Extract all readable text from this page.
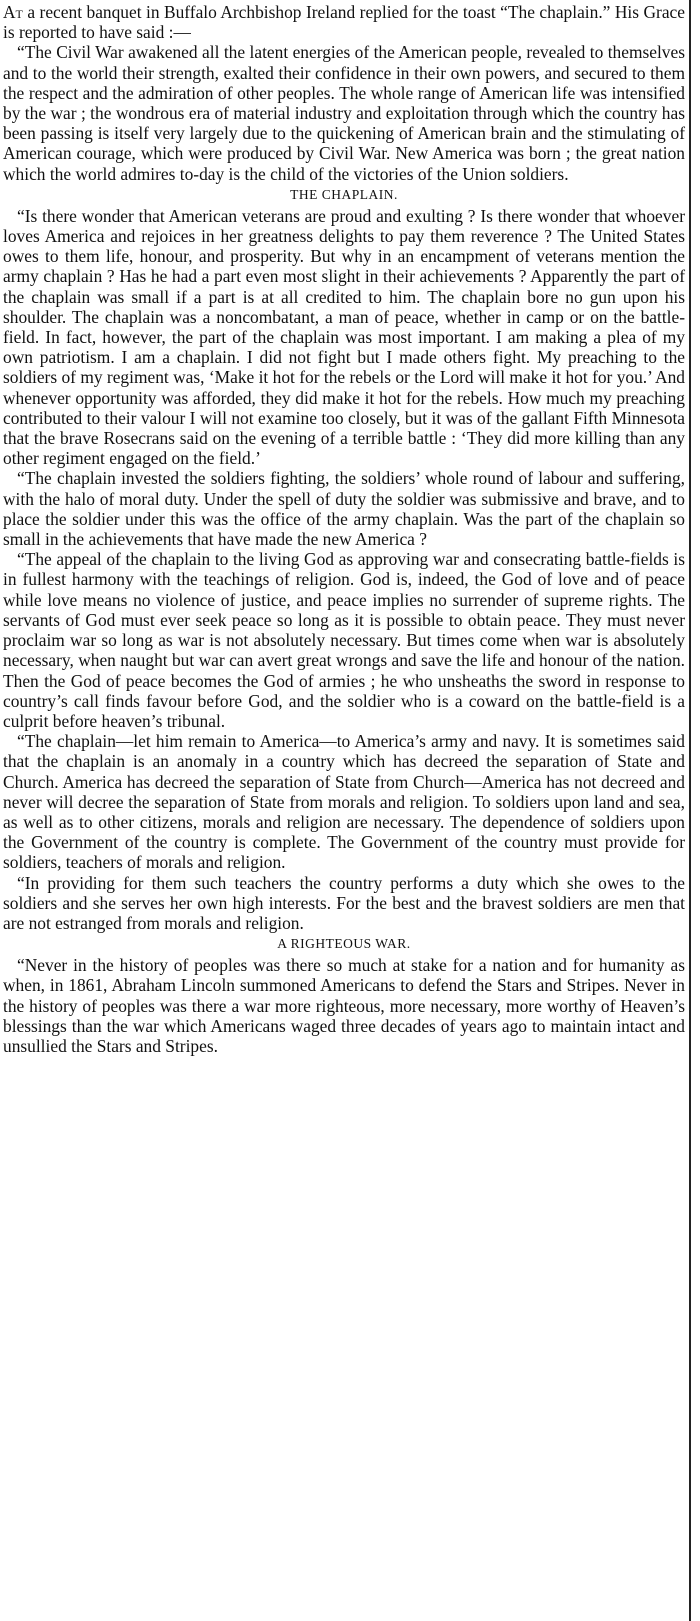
At a recent banquet in Buffalo Archbishop Ireland replied for the toast “The chaplain.” His Grace is reported to have said :—

“The Civil War awakened all the latent energies of the American people, revealed to themselves and to the world their strength, exalted their confidence in their own powers, and secured to them the respect and the admiration of other peoples. The whole range of American life was intensified by the war ; the wondrous era of material industry and exploitation through which the country has been passing is itself very largely due to the quickening of American brain and the stimulating of American courage, which were produced by Civil War. New America was born ; the great nation which the world admires to-day is the child of the victories of the Union soldiers.

THE CHAPLAIN.

“Is there wonder that American veterans are proud and exulting ? Is there wonder that whoever loves America and rejoices in her greatness delights to pay them reverence ? The United States owes to them life, honour, and prosperity. But why in an encampment of veterans mention the army chaplain ? Has he had a part even most slight in their achievements ? Apparently the part of the chaplain was small if a part is at all credited to him. The chaplain bore no gun upon his shoulder. The chaplain was a noncombatant, a man of peace, whether in camp or on the battle-field. In fact, however, the part of the chaplain was most important. I am making a plea of my own patriotism. I am a chaplain. I did not fight but I made others fight. My preaching to the soldiers of my regiment was, ‘Make it hot for the rebels or the Lord will make it hot for you.’ And whenever opportunity was afforded, they did make it hot for the rebels. How much my preaching contributed to their valour I will not examine too closely, but it was of the gallant Fifth Minnesota that the brave Rosecrans said on the evening of a terrible battle : ‘They did more killing than any other regiment engaged on the field.’

“The chaplain invested the soldiers fighting, the soldiers’ whole round of labour and suffering, with the halo of moral duty. Under the spell of duty the soldier was submissive and brave, and to place the soldier under this was the office of the army chaplain. Was the part of the chaplain so small in the achievements that have made the new America ?

“The appeal of the chaplain to the living God as approving war and consecrating battle-fields is in fullest harmony with the teachings of religion. God is, indeed, the God of love and of peace while love means no violence of justice, and peace implies no surrender of supreme rights. The servants of God must ever seek peace so long as it is possible to obtain peace. They must never proclaim war so long as war is not absolutely necessary. But times come when war is absolutely necessary, when naught but war can avert great wrongs and save the life and honour of the nation. Then the God of peace becomes the God of armies ; he who unsheaths the sword in response to country’s call finds favour before God, and the soldier who is a coward on the battle-field is a culprit before heaven’s tribunal.

“The chaplain—let him remain to America—to America’s army and navy. It is sometimes said that the chaplain is an anomaly in a country which has decreed the separation of State and Church. America has decreed the separation of State from Church—America has not decreed and never will decree the separation of State from morals and religion. To soldiers upon land and sea, as well as to other citizens, morals and religion are necessary. The dependence of soldiers upon the Government of the country is complete. The Government of the country must provide for soldiers, teachers of morals and religion.

“In providing for them such teachers the country performs a duty which she owes to the soldiers and she serves her own high interests. For the best and the bravest soldiers are men that are not estranged from morals and religion.

A RIGHTEOUS WAR.

“Never in the history of peoples was there so much at stake for a nation and for humanity as when, in 1861, Abraham Lincoln summoned Americans to defend the Stars and Stripes. Never in the history of peoples was there a war more righteous, more necessary, more worthy of Heaven’s blessings than the war which Americans waged three decades of years ago to maintain intact and unsullied the Stars and Stripes.
